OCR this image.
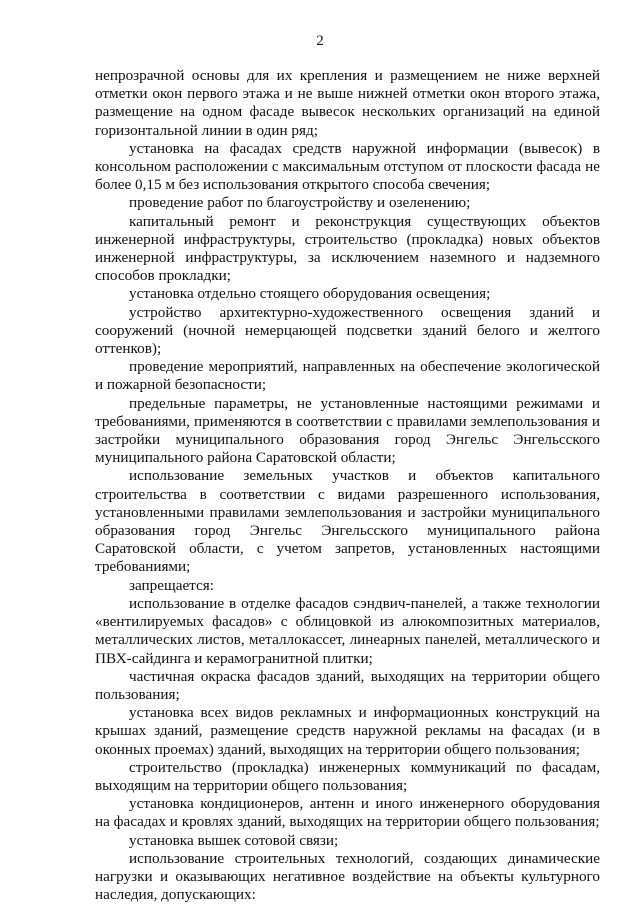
2

непрозрачной основы для их крепления и размещением не ниже верхней отметки окон первого этажа и не выше нижней отметки окон второго этажа, размещение на одном фасаде вывесок нескольких организаций на единой горизонтальной линии в один ряд;

установка на фасадах средств наружной информации (вывесок) в консольном расположении с максимальным отступом от плоскости фасада не более 0,15 м без использования открытого способа свечения;

проведение работ по благоустройству и озеленению;

капитальный ремонт и реконструкция существующих объектов инженерной инфраструктуры, строительство (прокладка) новых объектов инженерной инфраструктуры, за исключением наземного и надземного способов прокладки;

установка отдельно стоящего оборудования освещения;

устройство архитектурно-художественного освещения зданий и сооружений (ночной немерцающей подсветки зданий белого и желтого оттенков);

проведение мероприятий, направленных на обеспечение экологической и пожарной безопасности;

предельные параметры, не установленные настоящими режимами и требованиями, применяются в соответствии с правилами землепользования и застройки муниципального образования город Энгельс Энгельсского муниципального района Саратовской области;

использование земельных участков и объектов капитального строительства в соответствии с видами разрешенного использования, установленными правилами землепользования и застройки муниципального образования город Энгельс Энгельсского муниципального района Саратовской области, с учетом запретов, установленных настоящими требованиями;

запрещается:

использование в отделке фасадов сэндвич-панелей, а также технологии «вентилируемых фасадов» с облицовкой из алюкомпозитных материалов, металлических листов, металлокассет, линеарных панелей, металлического и ПВХ-сайдинга и керамогранитной плитки;

частичная окраска фасадов зданий, выходящих на территории общего пользования;

установка всех видов рекламных и информационных конструкций на крышах зданий, размещение средств наружной рекламы на фасадах (и в оконных проемах) зданий, выходящих на территории общего пользования;

строительство (прокладка) инженерных коммуникаций по фасадам, выходящим на территории общего пользования;

установка кондиционеров, антенн и иного инженерного оборудования на фасадах и кровлях зданий, выходящих на территории общего пользования;

установка вышек сотовой связи;

использование строительных технологий, создающих динамические нагрузки и оказывающих негативное воздействие на объекты культурного наследия, допускающих:
